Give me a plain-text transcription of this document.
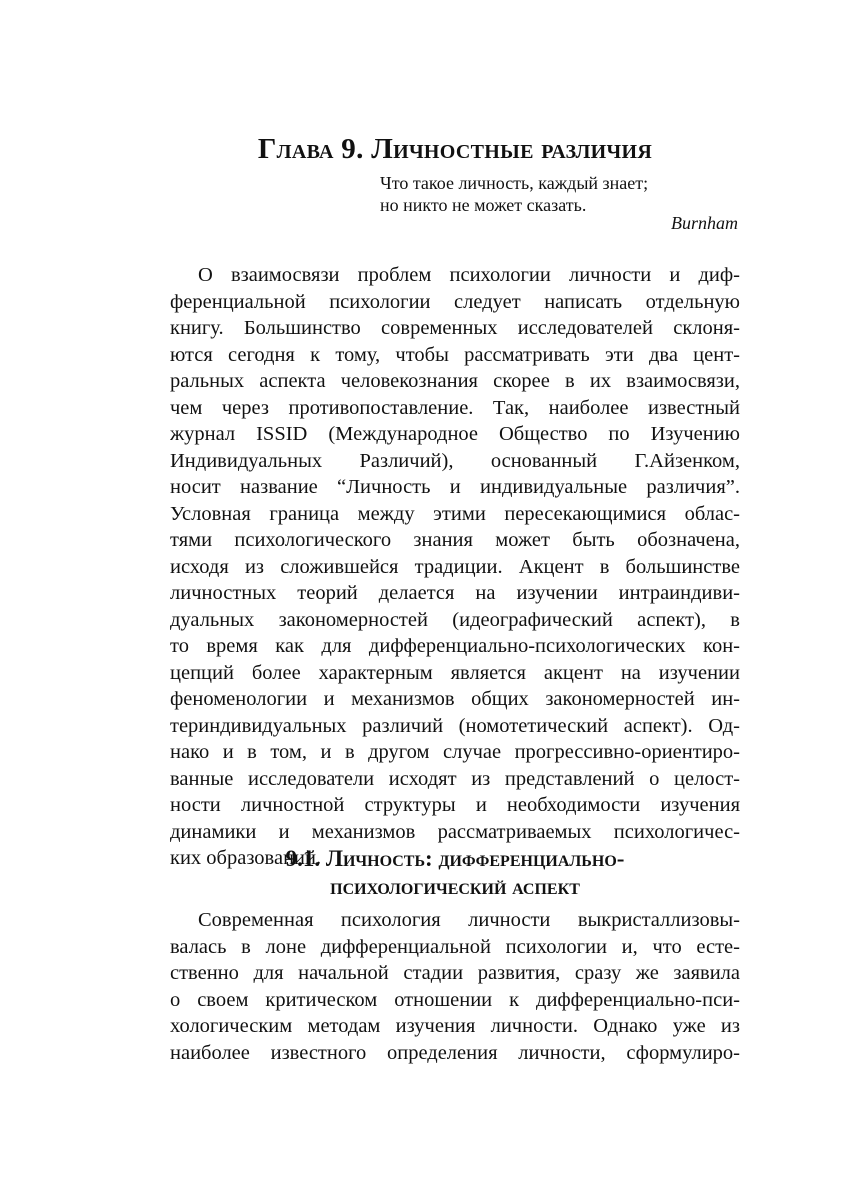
Глава 9. Личностные различия
Что такое личность, каждый знает;
но никто не может сказать.
Burnham
О взаимосвязи проблем психологии личности и диф-
ференциальной психологии следует написать отдельную
книгу. Большинство современных исследователей склоня-
ются сегодня к тому, чтобы рассматривать эти два цент-
ральных аспекта человекознания скорее в их взаимосвязи,
чем через противопоставление. Так, наиболее известный
журнал ISSID (Международное Общество по Изучению
Индивидуальных Различий), основанный Г.Айзенком,
носит название “Личность и индивидуальные различия”.
Условная граница между этими пересекающимися облас-
тями психологического знания может быть обозначена,
исходя из сложившейся традиции. Акцент в большинстве
личностных теорий делается на изучении интраиндиви-
дуальных закономерностей (идеографический аспект), в
то время как для дифференциально-психологических кон-
цепций более характерным является акцент на изучении
феноменологии и механизмов общих закономерностей ин-
териндивидуальных различий (номотетический аспект). Од-
нако и в том, и в другом случае прогрессивно-ориентиро-
ванные исследователи исходят из представлений о целост-
ности личностной структуры и необходимости изучения
динамики и механизмов рассматриваемых психологичес-
ких образований.
9.1. Личность: дифференциально-
психологический аспект
Современная психология личности выкристаллизовы-
валась в лоне дифференциальной психологии и, что есте-
ственно для начальной стадии развития, сразу же заявила
о своем критическом отношении к дифференциально-пси-
хологическим методам изучения личности. Однако уже из
наиболее известного определения личности, сформулиро-
